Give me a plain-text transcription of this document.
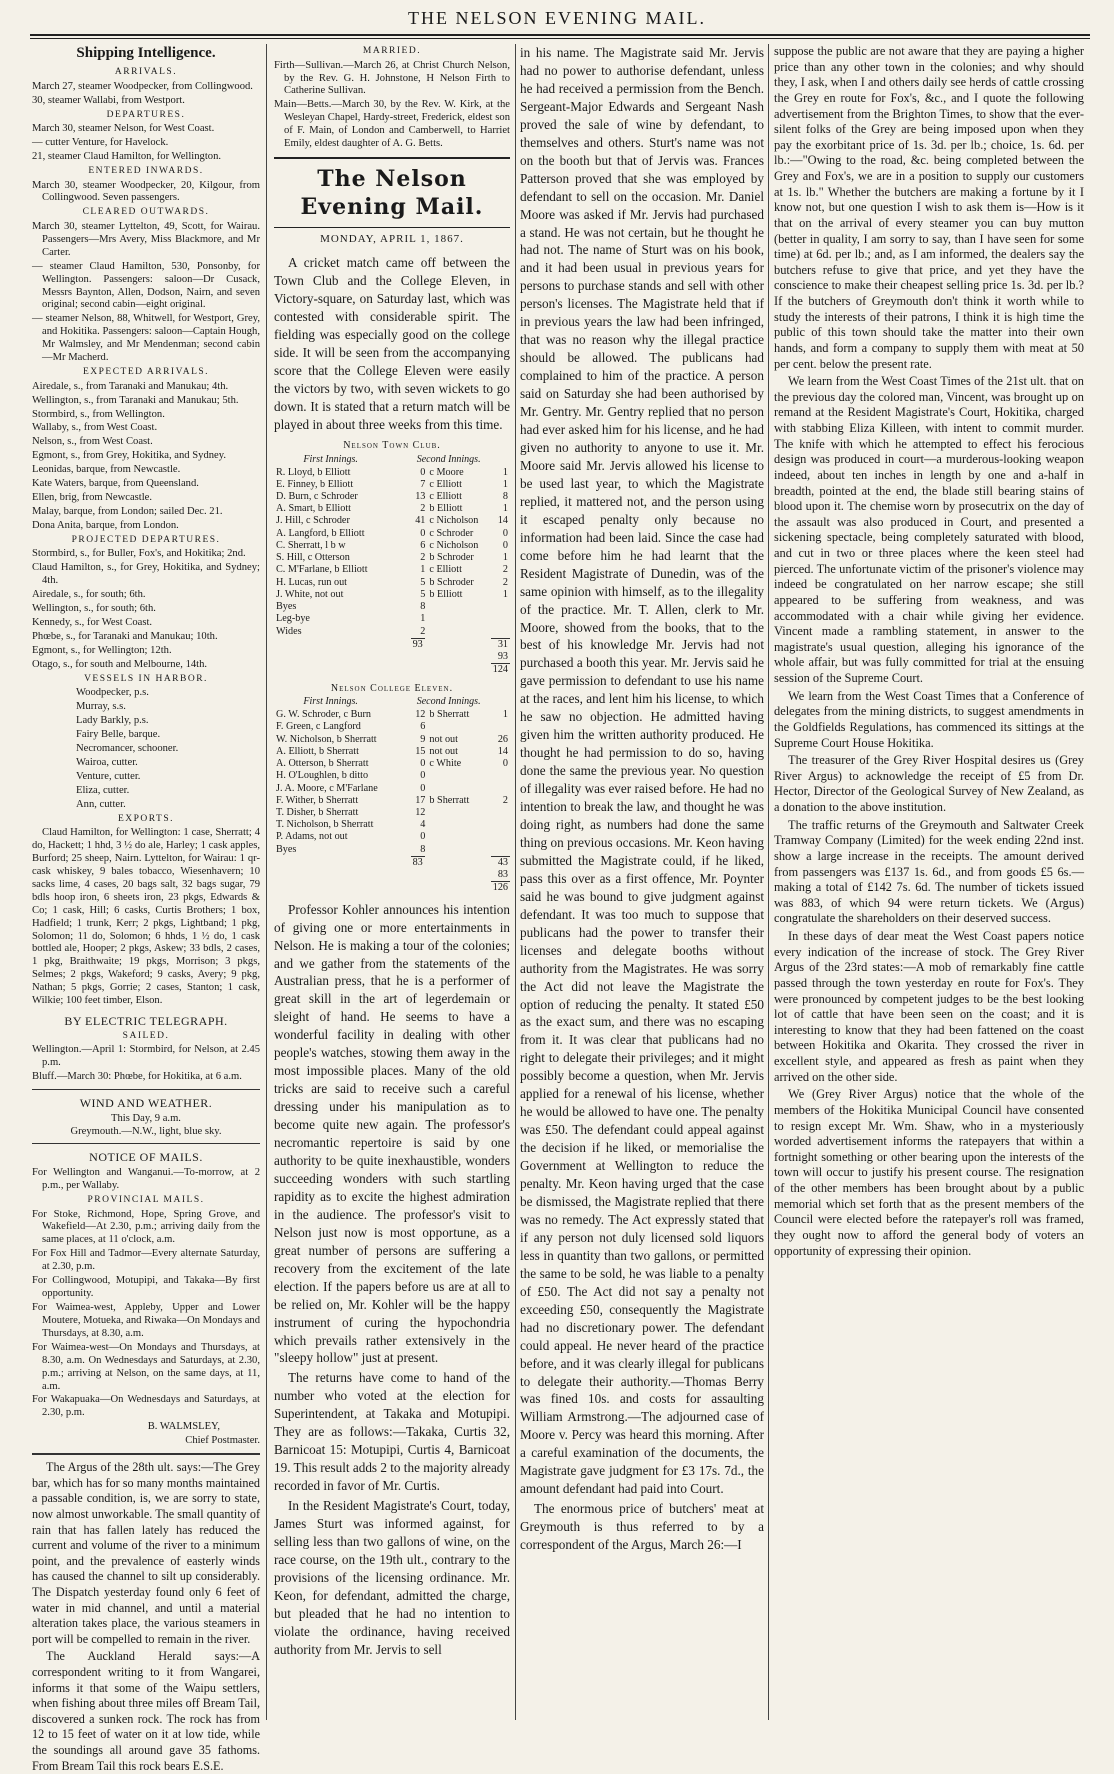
THE NELSON EVENING MAIL.
Shipping Intelligence.
ARRIVALS.

March 27, steamer Woodpecker, from Collingwood.

30, steamer Wallabi, from Westport.

DEPARTURES.

March 30, steamer Nelson, for West Coast.

— cutter Venture, for Havelock.

21, steamer Claud Hamilton, for Wellington.

ENTERED INWARDS.

March 30, steamer Woodpecker, 20, Kilgour, from Collingwood. Seven passengers.

CLEARED OUTWARDS.

March 30, steamer Lyttelton, 49, Scott, for Wairau. Passengers—Mrs Avery, Miss Blackmore, and Mr Carter.

— steamer Claud Hamilton, 530, Ponsonby, for Wellington. Passengers: saloon—Dr Cusack, Messrs Baynton, Allen, Dodson, Nairn, and seven original; second cabin—eight original.

— steamer Nelson, 88, Whitwell, for Westport, Grey, and Hokitika. Passengers: saloon—Captain Hough, Mr Walmsley, and Mr Mendenman; second cabin—Mr Macherd.

EXPECTED ARRIVALS.

Airedale, s., from Taranaki and Manukau; 4th.

Wellington, s., from Taranaki and Manukau; 5th.

Stormbird, s., from Wellington.

Wallaby, s., from West Coast.

Nelson, s., from West Coast.

Egmont, s., from Grey, Hokitika, and Sydney.

Leonidas, barque, from Newcastle.

Kate Waters, barque, from Queensland.

Ellen, brig, from Newcastle.

Malay, barque, from London; sailed Dec. 21.

Dona Anita, barque, from London.

PROJECTED DEPARTURES.

Stormbird, s., for Buller, Fox's, and Hokitika; 2nd.

Claud Hamilton, s., for Grey, Hokitika, and Sydney; 4th.

Airedale, s., for south; 6th.

Wellington, s., for south; 6th.

Kennedy, s., for West Coast.

Phœbe, s., for Taranaki and Manukau; 10th.

Egmont, s., for Wellington; 12th.

Otago, s., for south and Melbourne, 14th.

VESSELS IN HARBOR.

Woodpecker, p.s.

Murray, s.s.

Lady Barkly, p.s.

Fairy Belle, barque.

Necromancer, schooner.

Wairoa, cutter.

Venture, cutter.

Eliza, cutter.

Ann, cutter.

EXPORTS.

Claud Hamilton, for Wellington: 1 case, Sherratt; 4 do, Hackett; 1 hhd, 3 ½ do ale, Harley; 1 cask apples, Burford; 25 sheep, Nairn. Lyttelton, for Wairau: 1 qr-cask whiskey, 9 bales tobacco, Wiesenhavern; 10 sacks lime, 4 cases, 20 bags salt, 32 bags sugar, 79 bdls hoop iron, 6 sheets iron, 23 pkgs, Edwards & Co; 1 cask, Hill; 6 casks, Curtis Brothers; 1 box, Hadfield; 1 trunk, Kerr; 2 pkgs, Lightband; 1 pkg, Solomon; 11 do, Solomon; 6 hhds, 1 ½ do, 1 cask bottled ale, Hooper; 2 pkgs, Askew; 33 bdls, 2 cases, 1 pkg, Braithwaite; 19 pkgs, Morrison; 3 pkgs, Selmes; 2 pkgs, Wakeford; 9 casks, Avery; 9 pkg, Nathan; 5 pkgs, Gorrie; 2 cases, Stanton; 1 cask, Wilkie; 100 feet timber, Elson.

BY ELECTRIC TELEGRAPH.
SAILED.

Wellington.—April 1: Stormbird, for Nelson, at 2.45 p.m.

Bluff.—March 30: Phœbe, for Hokitika, at 6 a.m.

WIND AND WEATHER.
This Day, 9 a.m.

Greymouth.—N.W., light, blue sky.

NOTICE OF MAILS.

For Wellington and Wanganui.—To-morrow, at 2 p.m., per Wallaby.

PROVINCIAL MAILS.

For Stoke, Richmond, Hope, Spring Grove, and Wakefield—At 2.30, p.m.; arriving daily from the same places, at 11 o'clock, a.m.

For Fox Hill and Tadmor—Every alternate Saturday, at 2.30, p.m.

For Collingwood, Motupipi, and Takaka—By first opportunity.

For Waimea-west, Appleby, Upper and Lower Moutere, Motueka, and Riwaka—On Mondays and Thursdays, at 8.30, a.m.

For Waimea-west—On Mondays and Thursdays, at 8.30, a.m. On Wednesdays and Saturdays, at 2.30, p.m.; arriving at Nelson, on the same days, at 11, a.m.

For Wakapuaka—On Wednesdays and Saturdays, at 2.30, p.m.

B. WALMSLEY,

Chief Postmaster.

The Argus of the 28th ult. says:—The Grey bar, which has for so many months maintained a passable condition, is, we are sorry to state, now almost unworkable. The small quantity of rain that has fallen lately has reduced the current and volume of the river to a minimum point, and the prevalence of easterly winds has caused the channel to silt up considerably. The Dispatch yesterday found only 6 feet of water in mid channel, and until a material alteration takes place, the various steamers in port will be compelled to remain in the river.

The Auckland Herald says:—A correspondent writing to it from Wangarei, informs it that some of the Waipu settlers, when fishing about three miles off Bream Tail, discovered a sunken rock. The rock has from 12 to 15 feet of water on it at low tide, while the soundings all around gave 35 fathoms. From Bream Tail this rock bears E.S.E.

MARRIED.

Firth—Sullivan.—March 26, at Christ Church Nelson, by the Rev. G. H. Johnstone, H Nelson Firth to Catherine Sullivan.

Main—Betts.—March 30, by the Rev. W. Kirk, at the Wesleyan Chapel, Hardy-street, Frederick, eldest son of F. Main, of London and Camberwell, to Harriet Emily, eldest daughter of A. G. Betts.

The Nelson Evening Mail.
MONDAY, APRIL 1, 1867.

A cricket match came off between the Town Club and the College Eleven, in Victory-square, on Saturday last, which was contested with considerable spirit. The fielding was especially good on the college side. It will be seen from the accompanying score that the College Eleven were easily the victors by two, with seven wickets to go down. It is stated that a return match will be played in about three weeks from this time.

Nelson Town Club.
First Innings.	Second Innings.
R. Lloyd, b Elliott	0	c Moore	1
E. Finney, b Elliott	7	c Elliott	1
D. Burn, c Schroder	13	c Elliott	8
A. Smart, b Elliott	2	b Elliott	1
J. Hill, c Schroder	41	c Nicholson	14
A. Langford, b Elliott	0	c Schroder	0
C. Sherratt, l b w	6	c Nicholson	0
S. Hill, c Otterson	2	b Schroder	1
C. M'Farlane, b Elliott	1	c Elliott	2
H. Lucas, run out	5	b Schroder	2
J. White, not out	5	b Elliott	1
Byes	8		
Leg-bye	1		
Wides	2		
	93		31
			93
			124
Nelson College Eleven.
First Innings.	Second Innings.
G. W. Schroder, c Burn	12	b Sherratt	1
F. Green, c Langford	6		
W. Nicholson, b Sherratt	9	not out	26
A. Elliott, b Sherratt	15	not out	14
A. Otterson, b Sherratt	0	c White	0
H. O'Loughlen, b ditto	0		
J. A. Moore, c M'Farlane	0		
F. Wither, b Sherratt	17	b Sherratt	2
T. Disher, b Sherratt	12		
T. Nicholson, b Sherratt	4		
P. Adams, not out	0		
Byes	8		
	83		43
			83
			126

Professor Kohler announces his intention of giving one or more entertainments in Nelson. He is making a tour of the colonies; and we gather from the statements of the Australian press, that he is a performer of great skill in the art of legerdemain or sleight of hand. He seems to have a wonderful facility in dealing with other people's watches, stowing them away in the most impossible places. Many of the old tricks are said to receive such a careful dressing under his manipulation as to become quite new again. The professor's necromantic repertoire is said by one authority to be quite inexhaustible, wonders succeeding wonders with such startling rapidity as to excite the highest admiration in the audience. The professor's visit to Nelson just now is most opportune, as a great number of persons are suffering a recovery from the excitement of the late election. If the papers before us are at all to be relied on, Mr. Kohler will be the happy instrument of curing the hypochondria which prevails rather extensively in the "sleepy hollow" just at present.

The returns have come to hand of the number who voted at the election for Superintendent, at Takaka and Motupipi. They are as follows:—Takaka, Curtis 32, Barnicoat 15: Motupipi, Curtis 4, Barnicoat 19. This result adds 2 to the majority already recorded in favor of Mr. Curtis.

In the Resident Magistrate's Court, today, James Sturt was informed against, for selling less than two gallons of wine, on the race course, on the 19th ult., contrary to the provisions of the licensing ordinance. Mr. Keon, for defendant, admitted the charge, but pleaded that he had no intention to violate the ordinance, having received authority from Mr. Jervis to sell

in his name. The Magistrate said Mr. Jervis had no power to authorise defendant, unless he had received a permission from the Bench. Sergeant-Major Edwards and Sergeant Nash proved the sale of wine by defendant, to themselves and others. Sturt's name was not on the booth but that of Jervis was. Frances Patterson proved that she was employed by defendant to sell on the occasion. Mr. Daniel Moore was asked if Mr. Jervis had purchased a stand. He was not certain, but he thought he had not. The name of Sturt was on his book, and it had been usual in previous years for persons to purchase stands and sell with other person's licenses. The Magistrate held that if in previous years the law had been infringed, that was no reason why the illegal practice should be allowed. The publicans had complained to him of the practice. A person said on Saturday she had been authorised by Mr. Gentry. Mr. Gentry replied that no person had ever asked him for his license, and he had given no authority to anyone to use it. Mr. Moore said Mr. Jervis allowed his license to be used last year, to which the Magistrate replied, it mattered not, and the person using it escaped penalty only because no information had been laid. Since the case had come before him he had learnt that the Resident Magistrate of Dunedin, was of the same opinion with himself, as to the illegality of the practice. Mr. T. Allen, clerk to Mr. Moore, showed from the books, that to the best of his knowledge Mr. Jervis had not purchased a booth this year. Mr. Jervis said he gave permission to defendant to use his name at the races, and lent him his license, to which he saw no objection. He admitted having given him the written authority produced. He thought he had permission to do so, having done the same the previous year. No question of illegality was ever raised before. He had no intention to break the law, and thought he was doing right, as numbers had done the same thing on previous occasions. Mr. Keon having submitted the Magistrate could, if he liked, pass this over as a first offence, Mr. Poynter said he was bound to give judgment against defendant. It was too much to suppose that publicans had the power to transfer their licenses and delegate booths without authority from the Magistrates. He was sorry the Act did not leave the Magistrate the option of reducing the penalty. It stated £50 as the exact sum, and there was no escaping from it. It was clear that publicans had no right to delegate their privileges; and it might possibly become a question, when Mr. Jervis applied for a renewal of his license, whether he would be allowed to have one. The penalty was £50. The defendant could appeal against the decision if he liked, or memorialise the Government at Wellington to reduce the penalty. Mr. Keon having urged that the case be dismissed, the Magistrate replied that there was no remedy. The Act expressly stated that if any person not duly licensed sold liquors less in quantity than two gallons, or permitted the same to be sold, he was liable to a penalty of £50. The Act did not say a penalty not exceeding £50, consequently the Magistrate had no discretionary power. The defendant could appeal. He never heard of the practice before, and it was clearly illegal for publicans to delegate their authority.—Thomas Berry was fined 10s. and costs for assaulting William Armstrong.—The adjourned case of Moore v. Percy was heard this morning. After a careful examination of the documents, the Magistrate gave judgment for £3 17s. 7d., the amount defendant had paid into Court.

The enormous price of butchers' meat at Greymouth is thus referred to by a correspondent of the Argus, March 26:—I

suppose the public are not aware that they are paying a higher price than any other town in the colonies; and why should they, I ask, when I and others daily see herds of cattle crossing the Grey en route for Fox's, &c., and I quote the following advertisement from the Brighton Times, to show that the ever-silent folks of the Grey are being imposed upon when they pay the exorbitant price of 1s. 3d. per lb.; choice, 1s. 6d. per lb.:—"Owing to the road, &c. being completed between the Grey and Fox's, we are in a position to supply our customers at 1s. lb." Whether the butchers are making a fortune by it I know not, but one question I wish to ask them is—How is it that on the arrival of every steamer you can buy mutton (better in quality, I am sorry to say, than I have seen for some time) at 6d. per lb.; and, as I am informed, the dealers say the butchers refuse to give that price, and yet they have the conscience to make their cheapest selling price 1s. 3d. per lb.? If the butchers of Greymouth don't think it worth while to study the interests of their patrons, I think it is high time the public of this town should take the matter into their own hands, and form a company to supply them with meat at 50 per cent. below the present rate.

We learn from the West Coast Times of the 21st ult. that on the previous day the colored man, Vincent, was brought up on remand at the Resident Magistrate's Court, Hokitika, charged with stabbing Eliza Killeen, with intent to commit murder. The knife with which he attempted to effect his ferocious design was produced in court—a murderous-looking weapon indeed, about ten inches in length by one and a-half in breadth, pointed at the end, the blade still bearing stains of blood upon it. The chemise worn by prosecutrix on the day of the assault was also produced in Court, and presented a sickening spectacle, being completely saturated with blood, and cut in two or three places where the keen steel had pierced. The unfortunate victim of the prisoner's violence may indeed be congratulated on her narrow escape; she still appeared to be suffering from weakness, and was accommodated with a chair while giving her evidence. Vincent made a rambling statement, in answer to the magistrate's usual question, alleging his ignorance of the whole affair, but was fully committed for trial at the ensuing session of the Supreme Court.

We learn from the West Coast Times that a Conference of delegates from the mining districts, to suggest amendments in the Goldfields Regulations, has commenced its sittings at the Supreme Court House Hokitika.

The treasurer of the Grey River Hospital desires us (Grey River Argus) to acknowledge the receipt of £5 from Dr. Hector, Director of the Geological Survey of New Zealand, as a donation to the above institution.

The traffic returns of the Greymouth and Saltwater Creek Tramway Company (Limited) for the week ending 22nd inst. show a large increase in the receipts. The amount derived from passengers was £137 1s. 6d., and from goods £5 6s.—making a total of £142 7s. 6d. The number of tickets issued was 883, of which 94 were return tickets. We (Argus) congratulate the shareholders on their deserved success.

In these days of dear meat the West Coast papers notice every indication of the increase of stock. The Grey River Argus of the 23rd states:—A mob of remarkably fine cattle passed through the town yesterday en route for Fox's. They were pronounced by competent judges to be the best looking lot of cattle that have been seen on the coast; and it is interesting to know that they had been fattened on the coast between Hokitika and Okarita. They crossed the river in excellent style, and appeared as fresh as paint when they arrived on the other side.

We (Grey River Argus) notice that the whole of the members of the Hokitika Municipal Council have consented to resign except Mr. Wm. Shaw, who in a mysteriously worded advertisement informs the ratepayers that within a fortnight something or other bearing upon the interests of the town will occur to justify his present course. The resignation of the other members has been brought about by a public memorial which set forth that as the present members of the Council were elected before the ratepayer's roll was framed, they ought now to afford the general body of voters an opportunity of expressing their opinion.
